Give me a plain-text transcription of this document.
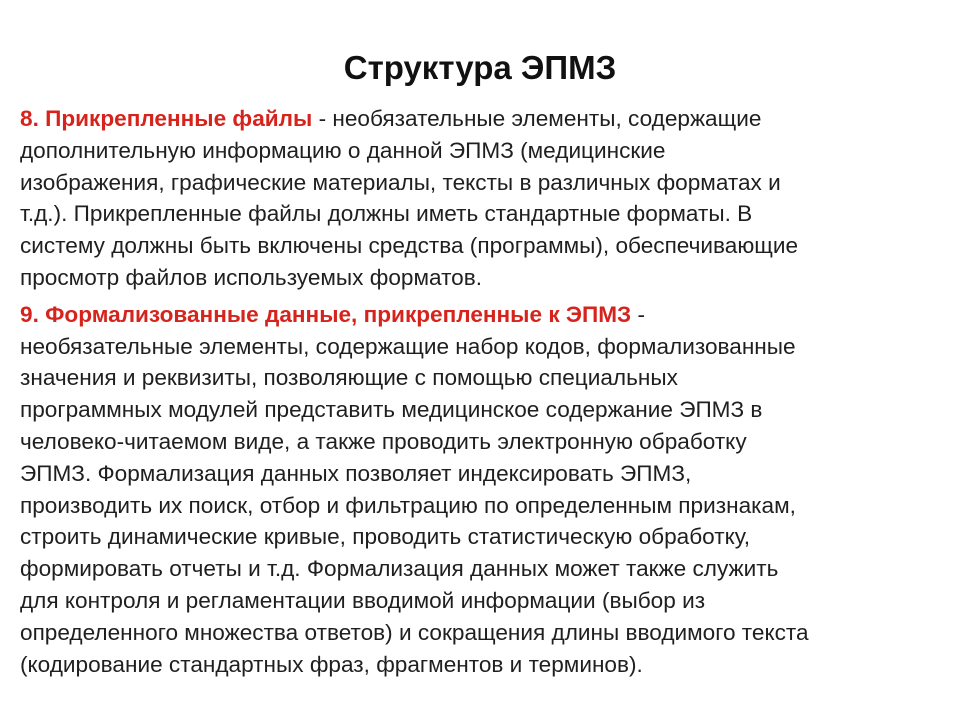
Структура ЭПМЗ

8. Прикрепленные файлы - необязательные элементы, содержащие
дополнительную информацию о данной ЭПМЗ (медицинские
изображения, графические материалы, тексты в различных форматах и
т.д.). Прикрепленные файлы должны иметь стандартные форматы. В
систему должны быть включены средства (программы), обеспечивающие
просмотр файлов используемых форматов.

9. Формализованные данные, прикрепленные к ЭПМЗ -
необязательные элементы, содержащие набор кодов, формализованные
значения и реквизиты, позволяющие с помощью специальных
программных модулей представить медицинское содержание ЭПМЗ в
человеко-читаемом виде, а также проводить электронную обработку
ЭПМЗ. Формализация данных позволяет индексировать ЭПМЗ,
производить их поиск, отбор и фильтрацию по определенным признакам,
строить динамические кривые, проводить статистическую обработку,
формировать отчеты и т.д. Формализация данных может также служить
для контроля и регламентации вводимой информации (выбор из
определенного множества ответов) и сокращения длины вводимого текста
(кодирование стандартных фраз, фрагментов и терминов).
